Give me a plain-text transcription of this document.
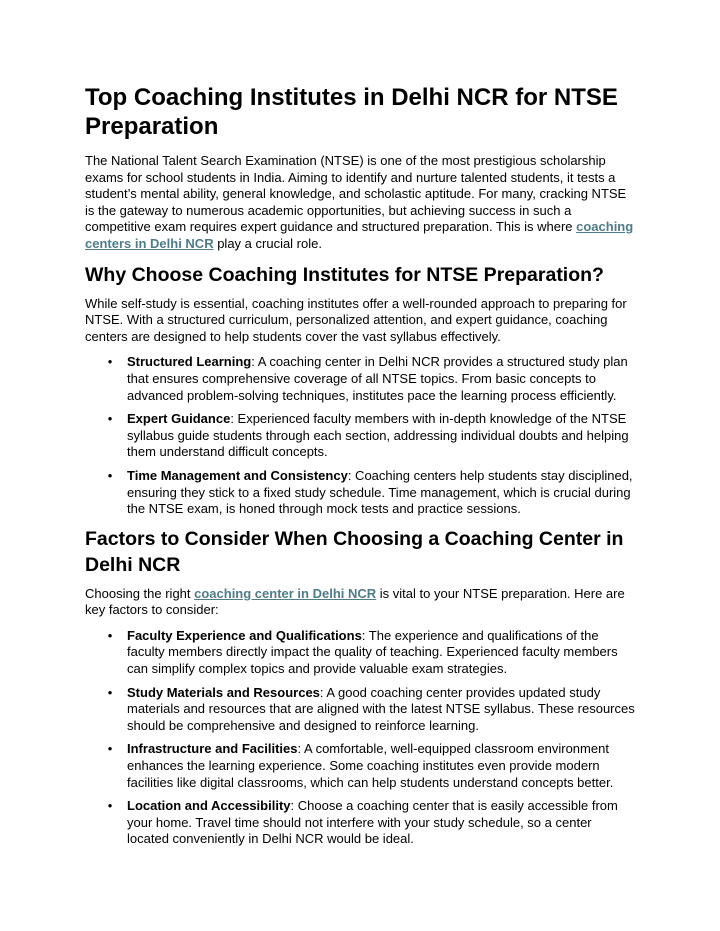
Top Coaching Institutes in Delhi NCR for NTSE Preparation

The National Talent Search Examination (NTSE) is one of the most prestigious scholarship exams for school students in India. Aiming to identify and nurture talented students, it tests a student’s mental ability, general knowledge, and scholastic aptitude. For many, cracking NTSE is the gateway to numerous academic opportunities, but achieving success in such a competitive exam requires expert guidance and structured preparation. This is where coaching centers in Delhi NCR play a crucial role.

Why Choose Coaching Institutes for NTSE Preparation?

While self-study is essential, coaching institutes offer a well-rounded approach to preparing for NTSE. With a structured curriculum, personalized attention, and expert guidance, coaching centers are designed to help students cover the vast syllabus effectively.

• Structured Learning: A coaching center in Delhi NCR provides a structured study plan that ensures comprehensive coverage of all NTSE topics. From basic concepts to advanced problem-solving techniques, institutes pace the learning process efficiently.
• Expert Guidance: Experienced faculty members with in-depth knowledge of the NTSE syllabus guide students through each section, addressing individual doubts and helping them understand difficult concepts.
• Time Management and Consistency: Coaching centers help students stay disciplined, ensuring they stick to a fixed study schedule. Time management, which is crucial during the NTSE exam, is honed through mock tests and practice sessions.
Factors to Consider When Choosing a Coaching Center in Delhi NCR

Choosing the right coaching center in Delhi NCR is vital to your NTSE preparation. Here are key factors to consider:

• Faculty Experience and Qualifications: The experience and qualifications of the faculty members directly impact the quality of teaching. Experienced faculty members can simplify complex topics and provide valuable exam strategies.
• Study Materials and Resources: A good coaching center provides updated study materials and resources that are aligned with the latest NTSE syllabus. These resources should be comprehensive and designed to reinforce learning.
• Infrastructure and Facilities: A comfortable, well-equipped classroom environment enhances the learning experience. Some coaching institutes even provide modern facilities like digital classrooms, which can help students understand concepts better.
• Location and Accessibility: Choose a coaching center that is easily accessible from your home. Travel time should not interfere with your study schedule, so a center located conveniently in Delhi NCR would be ideal.
